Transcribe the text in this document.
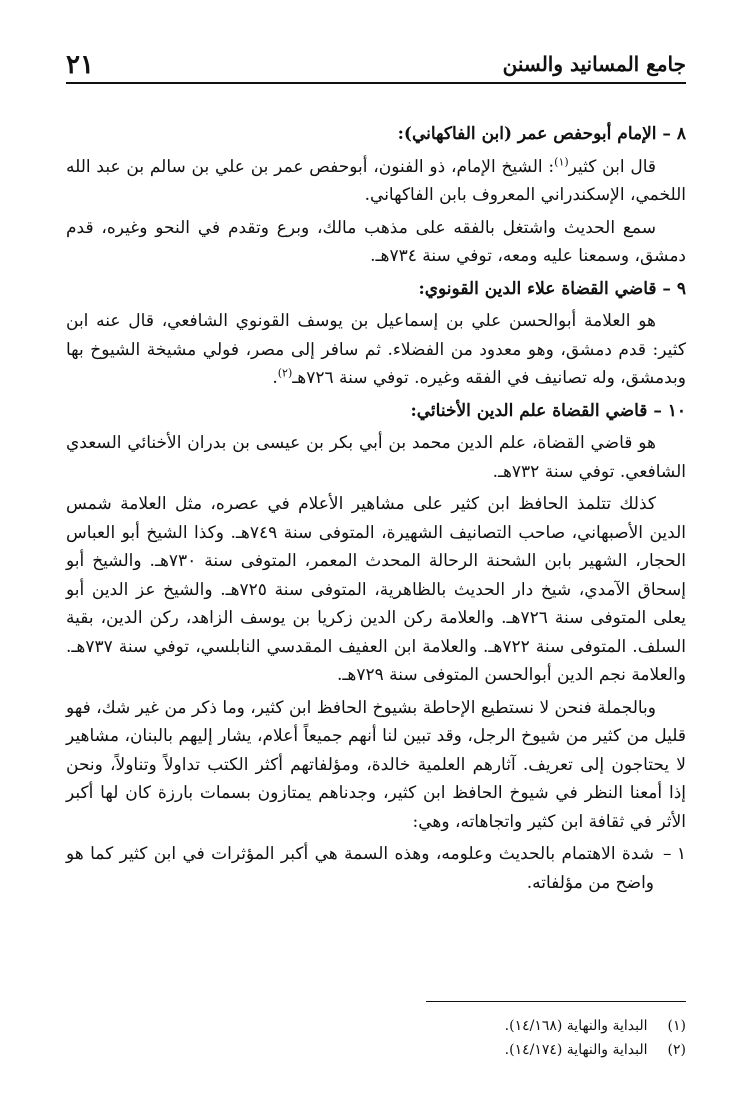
٢١	جامع المسانيد والسنن

٨ – الإمام أبوحفص عمر (ابن الفاكهاني):

قال ابن كثير$^{(١)}$: الشيخ الإمام، ذو الفنون، أبوحفص عمر بن علي بن سالم بن عبد الله اللخمي، الإسكندراني المعروف بابن الفاكهاني.

سمع الحديث واشتغل بالفقه على مذهب مالك، وبرع وتقدم في النحو وغيره، قدم دمشق، وسمعنا عليه ومعه، توفي سنة ٧٣٤هـ.

٩ – قاضي القضاة علاء الدين القونوي:

هو العلامة أبوالحسن علي بن إسماعيل بن يوسف القونوي الشافعي، قال عنه ابن كثير: قدم دمشق، وهو معدود من الفضلاء. ثم سافر إلى مصر، فولي مشيخة الشيوخ بها وبدمشق، وله تصانيف في الفقه وغيره. توفي سنة ٧٢٦هـ$^{(٢)}$.

١٠ – قاضي القضاة علم الدين الأخنائي:

هو قاضي القضاة، علم الدين محمد بن أبي بكر بن عيسى بن بدران الأخنائي السعدي الشافعي. توفي سنة ٧٣٢هـ.

كذلك تتلمذ الحافظ ابن كثير على مشاهير الأعلام في عصره، مثل العلامة شمس الدين الأصبهاني، صاحب التصانيف الشهيرة، المتوفى سنة ٧٤٩هـ. وكذا الشيخ أبو العباس الحجار، الشهير بابن الشحنة الرحالة المحدث المعمر، المتوفى سنة ٧٣٠هـ. والشيخ أبو إسحاق الآمدي، شيخ دار الحديث بالظاهرية، المتوفى سنة ٧٢٥هـ. والشيخ عز الدين أبو يعلى المتوفى سنة ٧٢٦هـ. والعلامة ركن الدين زكريا بن يوسف الزاهد، ركن الدين، بقية السلف. المتوفى سنة ٧٢٢هـ. والعلامة ابن العفيف المقدسي النابلسي، توفي سنة ٧٣٧هـ. والعلامة نجم الدين أبوالحسن المتوفى سنة ٧٢٩هـ.

وبالجملة فنحن لا نستطيع الإحاطة بشيوخ الحافظ ابن كثير، وما ذكر من غير شك، فهو قليل من كثير من شيوخ الرجل، وقد تبين لنا أنهم جميعاً أعلام، يشار إليهم بالبنان، مشاهير لا يحتاجون إلى تعريف. آثارهم العلمية خالدة، ومؤلفاتهم أكثر الكتب تداولاً وتناولاً، ونحن إذا أمعنا النظر في شيوخ الحافظ ابن كثير، وجدناهم يمتازون بسمات بارزة كان لها أكبر الأثر في ثقافة ابن كثير واتجاهاته، وهي:

١ –
شدة الاهتمام بالحديث وعلومه، وهذه السمة هي أكبر المؤثرات في ابن كثير كما هو واضح من مؤلفاته.

(١) البداية والنهاية (١٤/١٦٨).

(٢) البداية والنهاية (١٤/١٧٤).
